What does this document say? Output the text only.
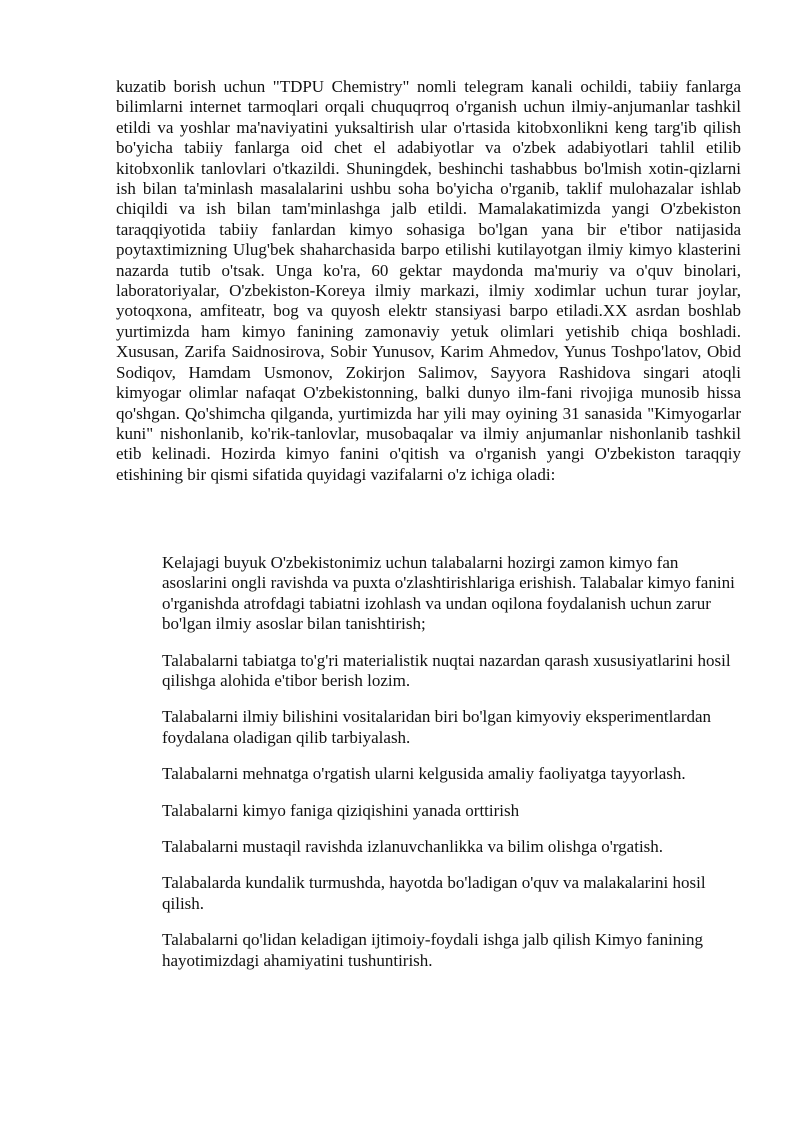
kuzatib borish uchun "TDPU Chemistry" nomli telegram kanali ochildi, tabiiy fanlarga bilimlarni internet tarmoqlari orqali chuquqrroq o'rganish uchun ilmiy-anjumanlar tashkil etildi va yoshlar ma'naviyatini yuksaltirish ular o'rtasida kitobxonlikni keng targ'ib qilish bo'yicha tabiiy fanlarga oid chet el adabiyotlar va o'zbek adabiyotlari tahlil etilib kitobxonlik tanlovlari o'tkazildi. Shuningdek, beshinchi tashabbus bo'lmish xotin-qizlarni ish bilan ta'minlash masalalarini ushbu soha bo'yicha o'rganib, taklif mulohazalar ishlab chiqildi va ish bilan tam'minlashga jalb etildi. Mamalakatimizda yangi O'zbekiston taraqqiyotida tabiiy fanlardan kimyo sohasiga bo'lgan yana bir e'tibor natijasida poytaxtimizning Ulug'bek shaharchasida barpo etilishi kutilayotgan ilmiy kimyo klasterini nazarda tutib o'tsak. Unga ko'ra, 60 gektar maydonda ma'muriy va o'quv binolari, laboratoriyalar, O'zbekiston-Koreya ilmiy markazi, ilmiy xodimlar uchun turar joylar, yotoqxona, amfiteatr, bog va quyosh elektr stansiyasi barpo etiladi.XX asrdan boshlab yurtimizda ham kimyo fanining zamonaviy yetuk olimlari yetishib chiqa boshladi. Xususan, Zarifa Saidnosirova, Sobir Yunusov, Karim Ahmedov, Yunus Toshpo'latov, Obid Sodiqov, Hamdam Usmonov, Zokirjon Salimov, Sayyora Rashidova singari atoqli kimyogar olimlar nafaqat O'zbekistonning, balki dunyo ilm-fani rivojiga munosib hissa qo'shgan. Qo'shimcha qilganda, yurtimizda har yili may oyining 31 sanasida "Kimyogarlar kuni" nishonlanib, ko'rik-tanlovlar, musobaqalar va ilmiy anjumanlar nishonlanib tashkil etib kelinadi. Hozirda kimyo fanini o'qitish va o'rganish yangi O'zbekiston taraqqiy etishining bir qismi sifatida quyidagi vazifalarni o'z ichiga oladi:

Kelajagi buyuk O'zbekistonimiz uchun talabalarni hozirgi zamon kimyo fan asoslarini ongli ravishda va puxta o'zlashtirishlariga erishish. Talabalar kimyo fanini o'rganishda atrofdagi tabiatni izohlash va undan oqilona foydalanish uchun zarur bo'lgan ilmiy asoslar bilan tanishtirish;
Talabalarni tabiatga to'g'ri materialistik nuqtai nazardan qarash xususiyatlarini hosil qilishga alohida e'tibor berish lozim.
Talabalarni ilmiy bilishini vositalaridan biri bo'lgan kimyoviy eksperimentlardan foydalana oladigan qilib tarbiyalash.
Talabalarni mehnatga o'rgatish ularni kelgusida amaliy faoliyatga tayyorlash.
Talabalarni kimyo faniga qiziqishini yanada orttirish
Talabalarni mustaqil ravishda izlanuvchanlikka va bilim olishga o'rgatish.
Talabalarda kundalik turmushda, hayotda bo'ladigan o'quv va malakalarini hosil qilish.
Talabalarni qo'lidan keladigan ijtimoiy-foydali ishga jalb qilish Kimyo fanining hayotimizdagi ahamiyatini tushuntirish.
